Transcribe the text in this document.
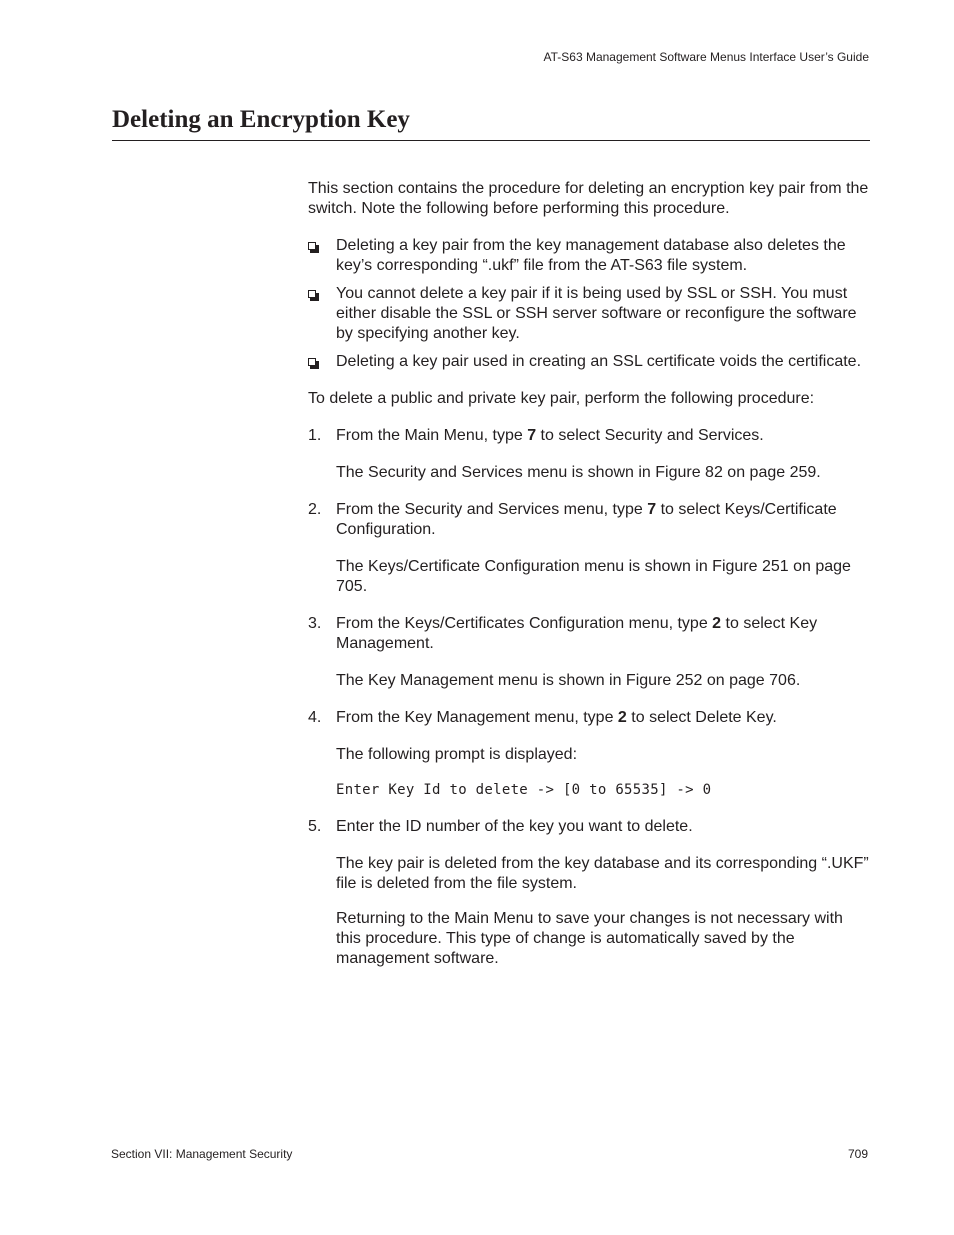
AT-S63 Management Software Menus Interface User’s Guide
Deleting an Encryption Key

This section contains the procedure for deleting an encryption key pair from the switch. Note the following before performing this procedure.

Deleting a key pair from the key management database also deletes the key’s corresponding “.ukf” file from the AT-S63 file system.
You cannot delete a key pair if it is being used by SSL or SSH. You must either disable the SSL or SSH server software or reconfigure the software by specifying another key.
Deleting a key pair used in creating an SSL certificate voids the certificate.

To delete a public and private key pair, perform the following procedure:

1. From the Main Menu, type 7 to select Security and Services.

The Security and Services menu is shown in Figure 82 on page 259.

2. From the Security and Services menu, type 7 to select Keys/Certificate Configuration.

The Keys/Certificate Configuration menu is shown in Figure 251 on page 705.

3. From the Keys/Certificates Configuration menu, type 2 to select Key Management.

The Key Management menu is shown in Figure 252 on page 706.

4. From the Key Management menu, type 2 to select Delete Key.

The following prompt is displayed:

Enter Key Id to delete -> [0 to 65535] -> 0

5. Enter the ID number of the key you want to delete.

The key pair is deleted from the key database and its corresponding “.UKF” file is deleted from the file system.

Returning to the Main Menu to save your changes is not necessary with this procedure. This type of change is automatically saved by the management software.

Section VII: Management Security	709
